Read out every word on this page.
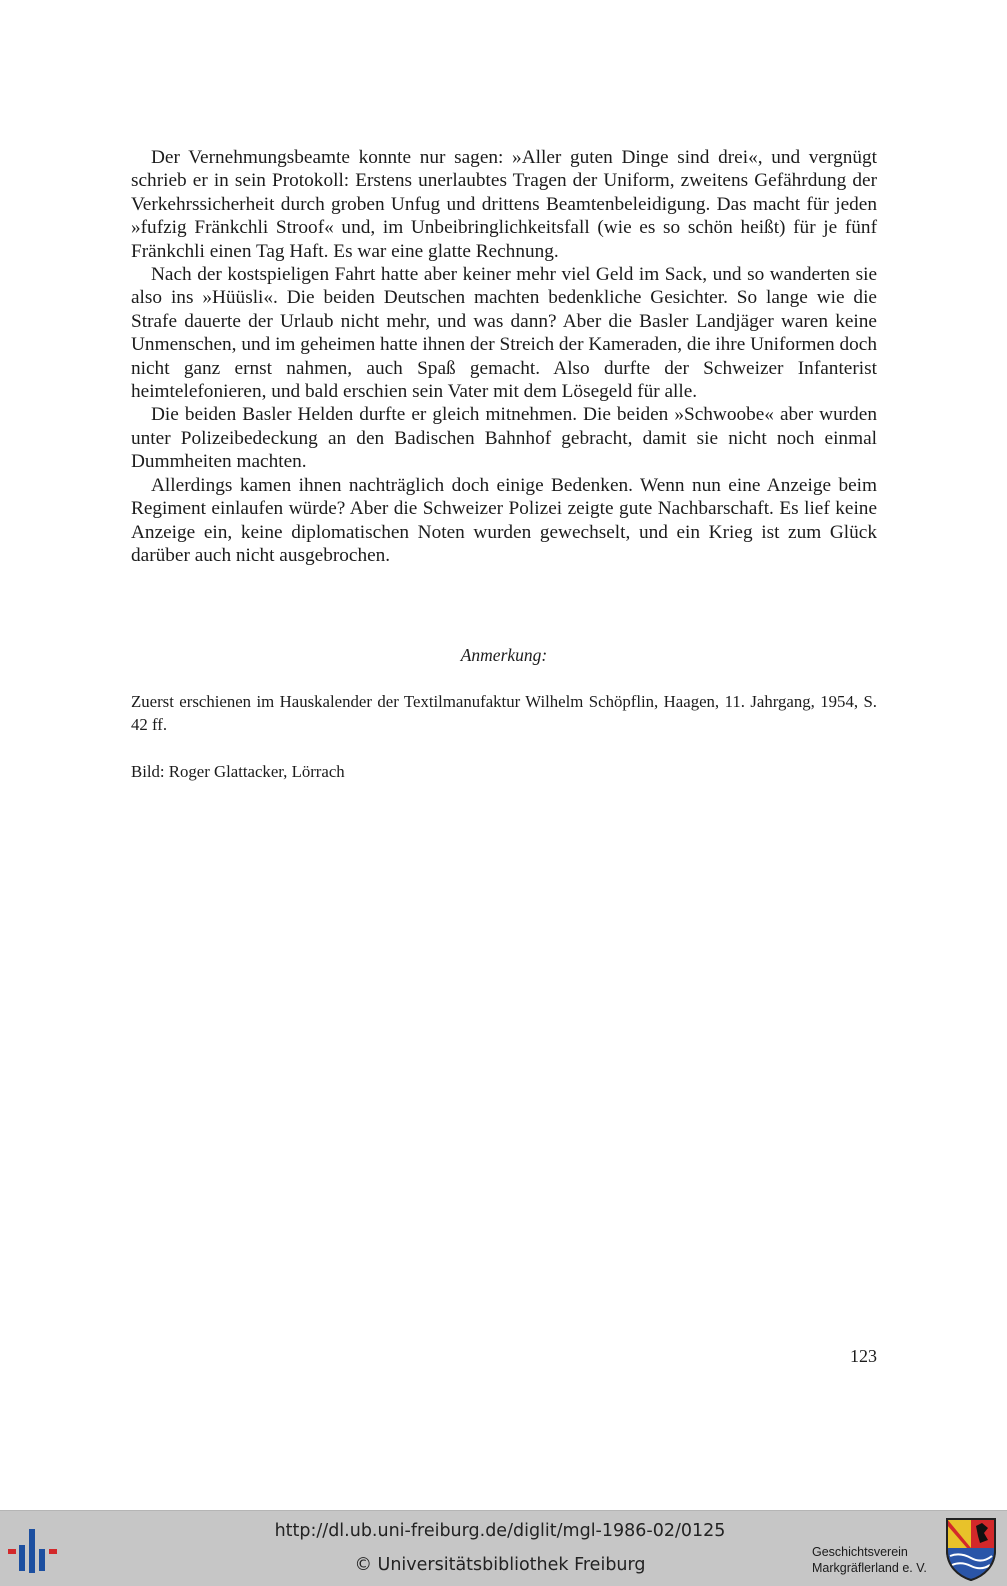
Der Vernehmungsbeamte konnte nur sagen: »Aller guten Dinge sind drei«, und vergnügt schrieb er in sein Protokoll: Erstens unerlaubtes Tragen der Uniform, zweitens Gefährdung der Verkehrssicherheit durch groben Unfug und drittens Beamtenbeleidigung. Das macht für jeden »fufzig Fränkchli Stroof« und, im Unbeibringlichkeitsfall (wie es so schön heißt) für je fünf Fränkchli einen Tag Haft. Es war eine glatte Rechnung.

Nach der kostspieligen Fahrt hatte aber keiner mehr viel Geld im Sack, und so wanderten sie also ins »Hüüsli«. Die beiden Deutschen machten bedenkliche Gesichter. So lange wie die Strafe dauerte der Urlaub nicht mehr, und was dann? Aber die Basler Landjäger waren keine Unmenschen, und im geheimen hatte ihnen der Streich der Kameraden, die ihre Uniformen doch nicht ganz ernst nahmen, auch Spaß gemacht. Also durfte der Schweizer Infanterist heimtelefonieren, und bald erschien sein Vater mit dem Lösegeld für alle.

Die beiden Basler Helden durfte er gleich mitnehmen. Die beiden »Schwoobe« aber wurden unter Polizeibedeckung an den Badischen Bahnhof gebracht, damit sie nicht noch einmal Dummheiten machten.

Allerdings kamen ihnen nachträglich doch einige Bedenken. Wenn nun eine Anzeige beim Regiment einlaufen würde? Aber die Schweizer Polizei zeigte gute Nachbarschaft. Es lief keine Anzeige ein, keine diplomatischen Noten wurden gewechselt, und ein Krieg ist zum Glück darüber auch nicht ausgebrochen.

Anmerkung:
Zuerst erschienen im Hauskalender der Textilmanufaktur Wilhelm Schöpflin, Haagen, 11. Jahrgang, 1954, S. 42 ff.
Bild: Roger Glattacker, Lörrach
123
http://dl.ub.uni-freiburg.de/diglit/mgl-1986-02/0125
© Universitätsbibliothek Freiburg
Geschichtsverein
Markgräflerland e. V.
